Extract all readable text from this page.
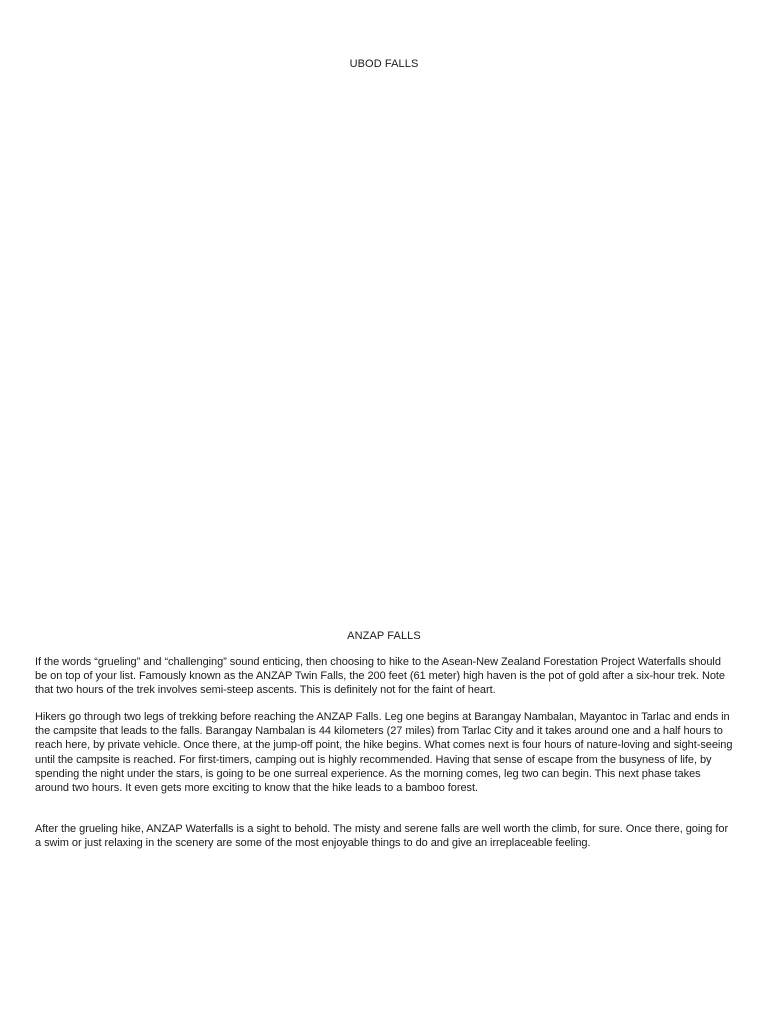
UBOD FALLS
ANZAP FALLS

If the words “grueling” and “challenging” sound enticing, then choosing to hike to the Asean-New Zealand Forestation Project Waterfalls should be on top of your list. Famously known as the ANZAP Twin Falls, the 200 feet (61 meter) high haven is the pot of gold after a six-hour trek. Note that two hours of the trek involves semi-steep ascents. This is definitely not for the faint of heart.

Hikers go through two legs of trekking before reaching the ANZAP Falls. Leg one begins at Barangay Nambalan, Mayantoc in Tarlac and ends in the campsite that leads to the falls. Barangay Nambalan is 44 kilometers (27 miles) from Tarlac City and it takes around one and a half hours to reach here, by private vehicle. Once there, at the jump-off point, the hike begins. What comes next is four hours of nature-loving and sight-seeing until the campsite is reached. For first-timers, camping out is highly recommended. Having that sense of escape from the busyness of life, by spending the night under the stars, is going to be one surreal experience. As the morning comes, leg two can begin. This next phase takes around two hours. It even gets more exciting to know that the hike leads to a bamboo forest.

After the grueling hike, ANZAP Waterfalls is a sight to behold. The misty and serene falls are well worth the climb, for sure. Once there, going for a swim or just relaxing in the scenery are some of the most enjoyable things to do and give an irreplaceable feeling.
